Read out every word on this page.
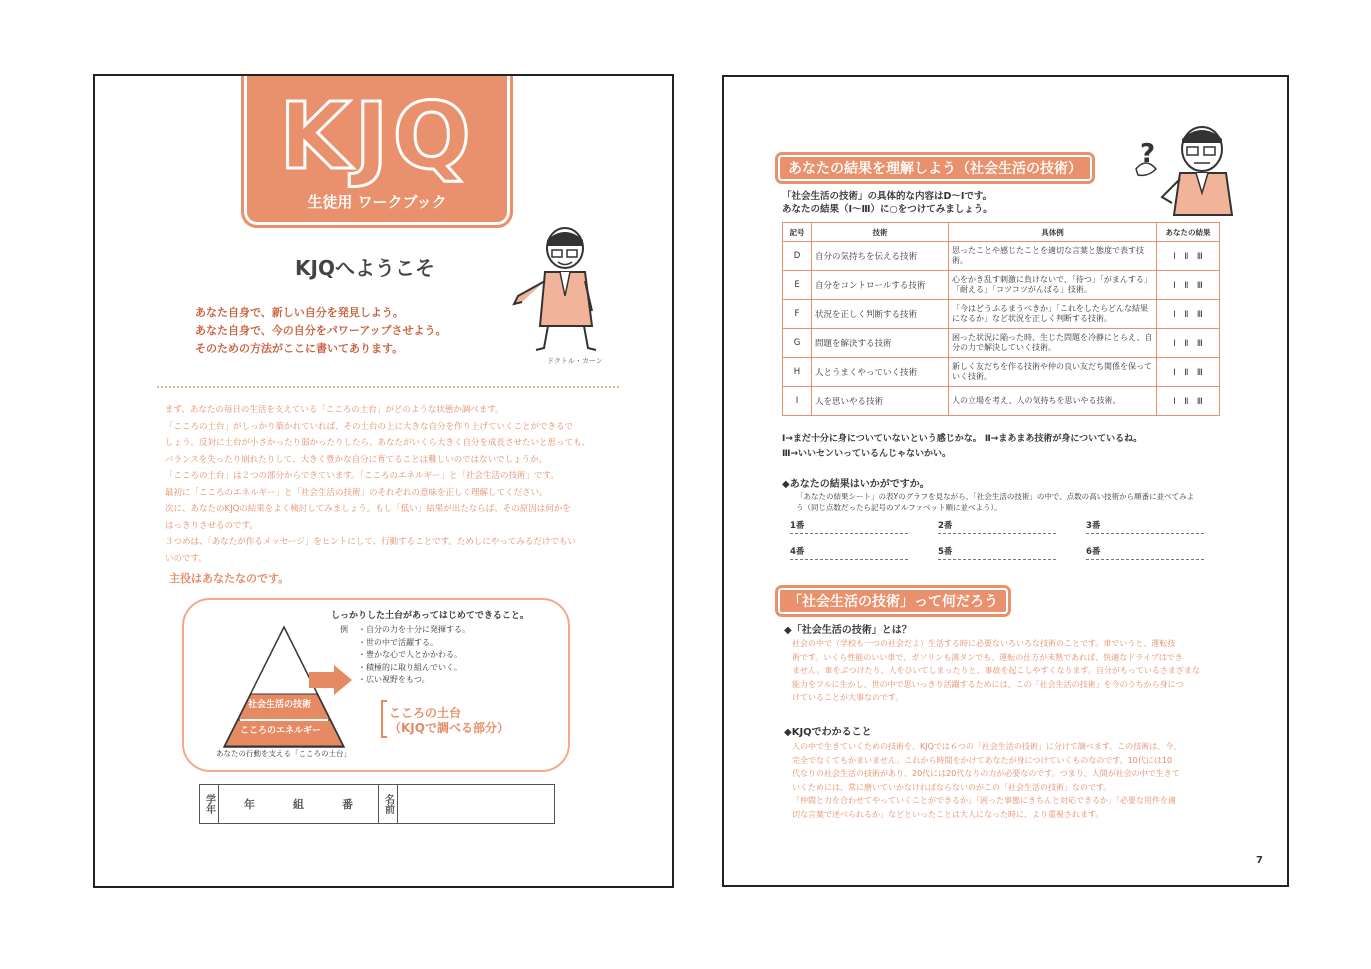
KJQ
生徒用 ワークブック
KJQへようこそ
あなた自身で、新しい自分を発見しよう。
あなた自身で、今の自分をパワーアップさせよう。
そのための方法がここに書いてあります。
ドクトル・カーン
まず、あなたの毎日の生活を支えている「こころの土台」がどのような状態か調べます。
「こころの土台」がしっかり築かれていれば、その土台の上に大きな自分を作り上げていくことができるで
しょう。反対に土台が小さかったり弱かったりしたら、あなたがいくら大きく自分を成長させたいと思っても、
バランスを失ったり崩れたりして、大きく豊かな自分に育てることは難しいのではないでしょうか。
「こころの土台」は２つの部分からできています。「こころのエネルギー」と「社会生活の技術」です。
最初に「こころのエネルギー」と「社会生活の技術」のそれぞれの意味を正しく理解してください。
次に、あなたのKJQの結果をよく検討してみましょう。もし「低い」結果が出たならば、その原因は何かを
はっきりさせるのです。
３つめは、「あなたが作るメッセージ」をヒントにして、行動することです。ためしにやってみるだけでもい
いのです。
主役はあなたなのです。
社会生活の技術
こころのエネルギー
あなたの行動を支える「こころの土台」
しっかりした土台があってはじめてできること。
例 ・自分の力を十分に発揮する。
・世の中で活躍する。
・豊かな心で人とかかわる。
・積極的に取り組んでいく。
・広い視野をもつ。
こころの土台
（KJQで調べる部分）
学年	年	組	番	名前
あなたの結果を理解しよう（社会生活の技術）	?
「社会生活の技術」の具体的な内容はD～Iです。
あなたの結果（Ⅰ～Ⅲ）に○をつけてみましょう。
記号	技術	具体例	あなたの結果
D	自分の気持ちを伝える技術	思ったことや感じたことを適切な言葉と態度で表す技術。	Ⅰ　Ⅱ　Ⅲ
E	自分をコントロールする技術	心をかき乱す刺激に負けないで、「待つ」「がまんする」「耐える」「コツコツがんばる」技術。	Ⅰ　Ⅱ　Ⅲ
F	状況を正しく判断する技術	「今はどうふるまうべきか」「これをしたらどんな結果になるか」など状況を正しく判断する技術。	Ⅰ　Ⅱ　Ⅲ
G	問題を解決する技術	困った状況に陥った時、生じた問題を冷静にとらえ、自分の力で解決していく技術。	Ⅰ　Ⅱ　Ⅲ
H	人とうまくやっていく技術	新しく友だちを作る技術や仲の良い友だち関係を保っていく技術。	Ⅰ　Ⅱ　Ⅲ
I	人を思いやる技術	人の立場を考え、人の気持ちを思いやる技術。	Ⅰ　Ⅱ　Ⅲ
Ⅰ→まだ十分に身についていないという感じかな。 Ⅱ→まあまあ技術が身についているね。
Ⅲ→いいセンいっているんじゃないかい。
◆あなたの結果はいかがですか。
「あなたの結果シート」の表Yのグラフを見ながら、「社会生活の技術」の中で、点数の高い技術から順番に並べてみよ
う（同じ点数だったら記号のアルファベット順に並べよう）。
1番	2番	3番
4番	5番	6番
「社会生活の技術」って何だろう
◆「社会生活の技術」とは？
社会の中で（学校も一つの社会だよ）生活する時に必要ないろいろな技術のことです。車でいうと、運転技
術です。いくら性能のいい車で、ガソリンも満タンでも、運転の仕方が未熟であれば、快適なドライブはでき
ません。車をぶつけたり、人をひいてしまったりと、事故を起こしやすくなります。自分がもっているさまざまな
能力をフルに生かし、世の中で思いっきり活躍するためには、この「社会生活の技術」を今のうちから身につ
けていることが大事なのです。
◆KJQでわかること
人の中で生きていくための技術を、KJQでは６つの「社会生活の技術」に分けて調べます。この技術は、今、
完全でなくてもかまいません。これから時間をかけてあなたが身につけていくものなのです。10代には10
代なりの社会生活の技術があり、20代には20代なりの力が必要なのです。つまり、人間が社会の中で生きて
いくためには、常に磨いていかなければならないのがこの「社会生活の技術」なのです。
「仲間と力を合わせてやっていくことができるか」「困った事態にきちんと対応できるか」「必要な用件を適
切な言葉で述べられるか」などといったことは大人になった時に、より重視されます。
7
